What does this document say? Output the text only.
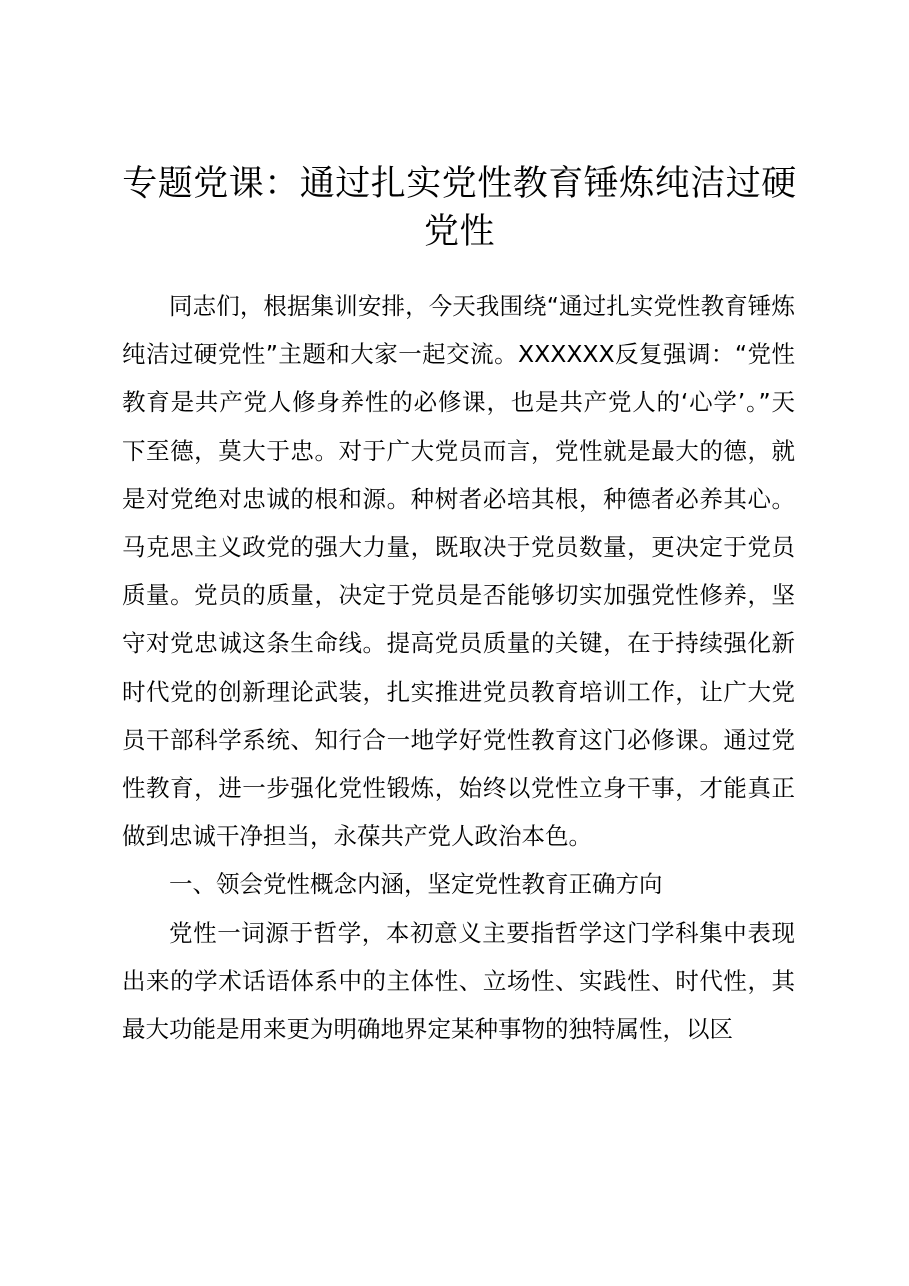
专题党课：通过扎实党性教育锤炼纯洁过硬党性

同志们，根据集训安排，今天我围绕“通过扎实党性教育锤炼纯洁过硬党性”主题和大家一起交流。XXXXXX反复强调：“党性教育是共产党人修身养性的必修课，也是共产党人的‘心学’。”天下至德，莫大于忠。对于广大党员而言，党性就是最大的德，就是对党绝对忠诚的根和源。种树者必培其根，种德者必养其心。马克思主义政党的强大力量，既取决于党员数量，更决定于党员质量。党员的质量，决定于党员是否能够切实加强党性修养，坚守对党忠诚这条生命线。提高党员质量的关键，在于持续强化新时代党的创新理论武装，扎实推进党员教育培训工作，让广大党员干部科学系统、知行合一地学好党性教育这门必修课。通过党性教育，进一步强化党性锻炼，始终以党性立身干事，才能真正做到忠诚干净担当，永葆共产党人政治本色。

一、领会党性概念内涵，坚定党性教育正确方向

党性一词源于哲学，本初意义主要指哲学这门学科集中表现出来的学术话语体系中的主体性、立场性、实践性、时代性，其最大功能是用来更为明确地界定某种事物的独特属性，以区
